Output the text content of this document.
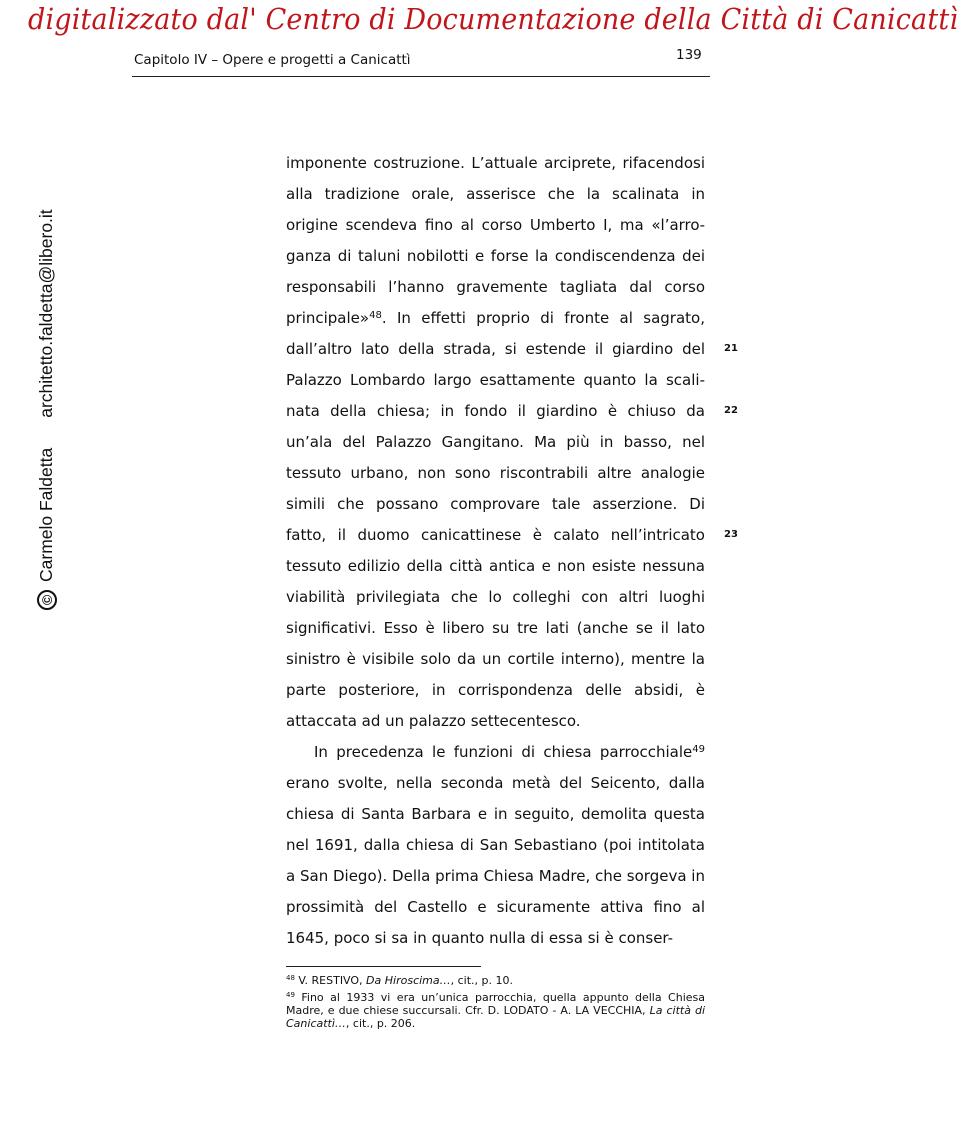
digitalizzato dal' Centro di Documentazione della Città di Canicattì
Capitolo IV – Opere e progetti a Canicattì	139
©
Carmelo Faldetta
architetto.faldetta@libero.it

imponente costruzione. L’attuale arciprete, rifacendosi alla tradizione orale, asserisce che la scalinata in origine scendeva fino al corso Umberto I, ma «l’arroganza di taluni nobilotti e forse la condiscendenza dei responsabili l’hanno gravemente tagliata dal corso principale»$^{48}$. In effetti proprio di fronte al sagrato, dall’altro lato della strada, si estende il giardino del Palazzo Lombardo largo esattamente quanto la scalinata della chiesa; in fondo il giardino è chiuso da un’ala del Palazzo Gangitano. Ma più in basso, nel tessuto urbano, non sono riscontrabili altre analogie simili che possano comprovare tale asserzione. Di fatto, il duomo canicattinese è calato nell’intricato tessuto edilizio della città antica e non esiste nessuna viabilità privilegiata che lo colleghi con altri luoghi significativi. Esso è libero su tre lati (anche se il lato sinistro è visibile solo da un cortile interno), mentre la parte posteriore, in corrispondenza delle absidi, è attaccata ad un palazzo settecentesco.

In precedenza le funzioni di chiesa parrocchiale$^{49}$ erano svolte, nella seconda metà del Seicento, dalla chiesa di Santa Barbara e in seguito, demolita questa nel 1691, dalla chiesa di San Sebastiano (poi intitolata a San Diego). Della prima Chiesa Madre, che sorgeva in prossimità del Castello e sicuramente attiva fino al 1645, poco si sa in quanto nulla di essa si è conser-

21
22
23

$^{48}$ V. RESTIVO, Da Hiroscima…, cit., p. 10.

$^{49}$ Fino al 1933 vi era un’unica parrocchia, quella appunto della Chiesa Madre, e due chiese succursali. Cfr. D. LODATO - A. LA VECCHIA, La città di Canicattì…, cit., p. 206.
